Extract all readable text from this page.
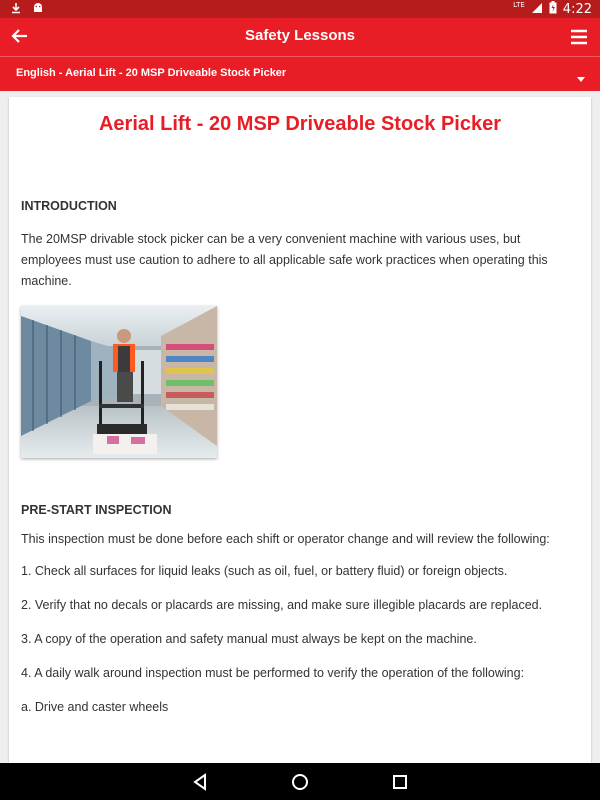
LTE	4:22
Safety Lessons
English - Aerial Lift - 20 MSP Driveable Stock Picker
Aerial Lift - 20 MSP Driveable Stock Picker

INTRODUCTION

The 20MSP drivable stock picker can be a very convenient machine with various uses, but employees must use caution to adhere to all applicable safe work practices when operating this machine.

PRE-START INSPECTION

This inspection must be done before each shift or operator change and will review the following:

1. Check all surfaces for liquid leaks (such as oil, fuel, or battery fluid) or foreign objects.

2. Verify that no decals or placards are missing, and make sure illegible placards are replaced.

3. A copy of the operation and safety manual must always be kept on the machine.

4. A daily walk around inspection must be performed to verify the operation of the following:

a. Drive and caster wheels
